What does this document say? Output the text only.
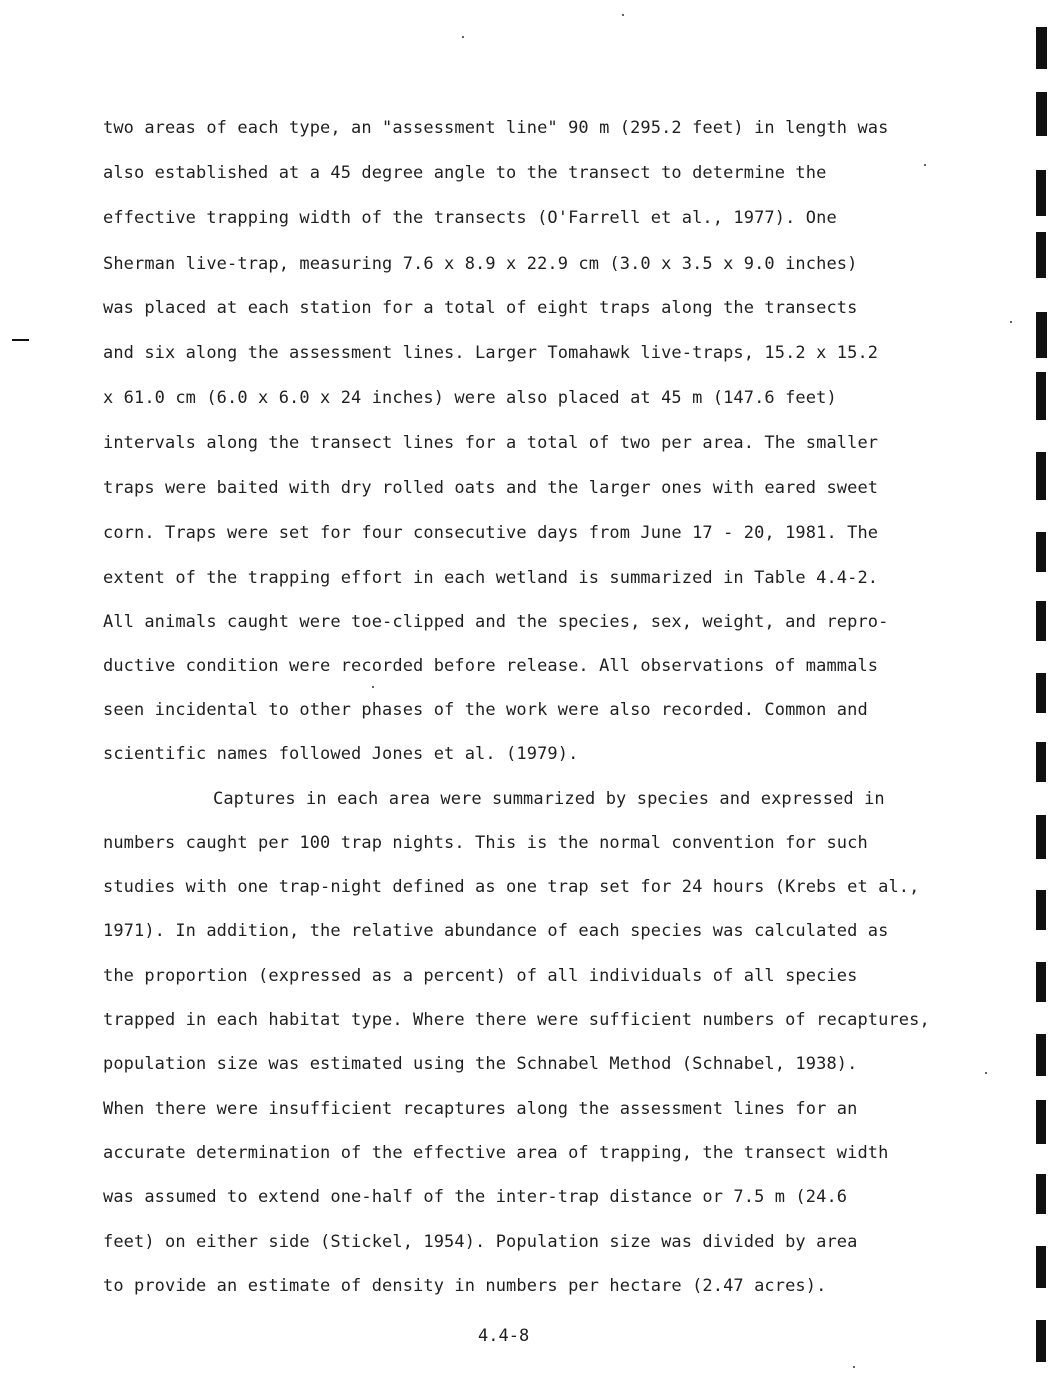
two areas of each type, an "assessment line" 90 m (295.2 feet) in length was
also established at a 45 degree angle to the transect to determine the
effective trapping width of the transects (O'Farrell et al., 1977). One
Sherman live-trap, measuring 7.6 x 8.9 x 22.9 cm (3.0 x 3.5 x 9.0 inches)
was placed at each station for a total of eight traps along the transects
and six along the assessment lines. Larger Tomahawk live-traps, 15.2 x 15.2
x 61.0 cm (6.0 x 6.0 x 24 inches) were also placed at 45 m (147.6 feet)
intervals along the transect lines for a total of two per area. The smaller
traps were baited with dry rolled oats and the larger ones with eared sweet
corn. Traps were set for four consecutive days from June 17 - 20, 1981. The
extent of the trapping effort in each wetland is summarized in Table 4.4-2.
All animals caught were toe-clipped and the species, sex, weight, and repro-
ductive condition were recorded before release. All observations of mammals
seen incidental to other phases of the work were also recorded. Common and
scientific names followed Jones et al. (1979).
Captures in each area were summarized by species and expressed in
numbers caught per 100 trap nights. This is the normal convention for such
studies with one trap-night defined as one trap set for 24 hours (Krebs et al.,
1971). In addition, the relative abundance of each species was calculated as
the proportion (expressed as a percent) of all individuals of all species
trapped in each habitat type. Where there were sufficient numbers of recaptures,
population size was estimated using the Schnabel Method (Schnabel, 1938).
When there were insufficient recaptures along the assessment lines for an
accurate determination of the effective area of trapping, the transect width
was assumed to extend one-half of the inter-trap distance or 7.5 m (24.6
feet) on either side (Stickel, 1954). Population size was divided by area
to provide an estimate of density in numbers per hectare (2.47 acres).
4.4-8
